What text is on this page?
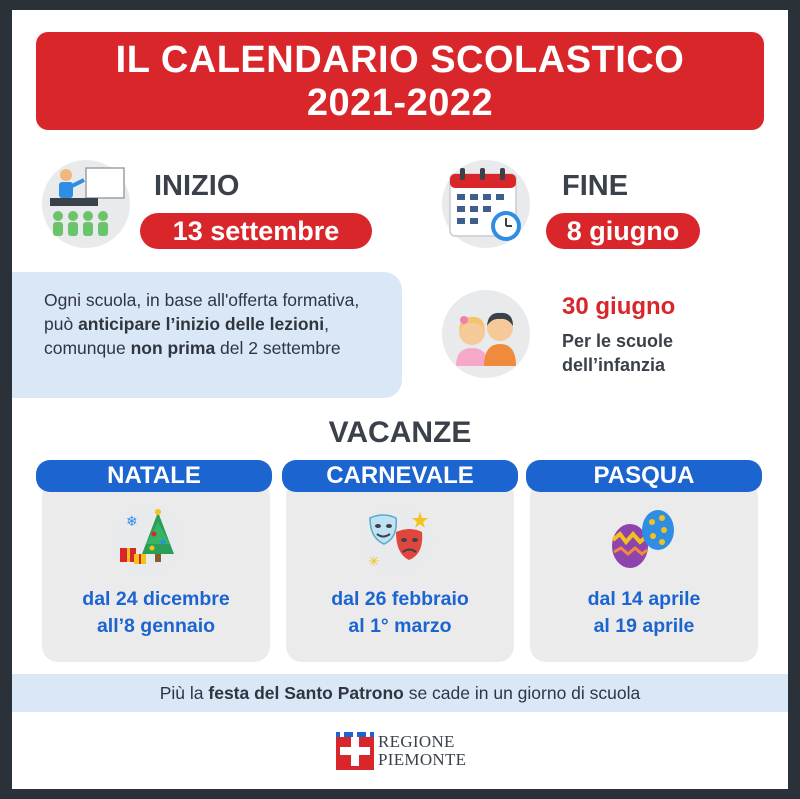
IL CALENDARIO SCOLASTICO
2021-2022
INIZIO
13 settembre
FINE
8 giugno
Ogni scuola, in base all'offerta formativa, può anticipare l’inizio delle lezioni, comunque non prima del 2 settembre
30 giugno
Per le scuole dell’infanzia
VACANZE
NATALE
❄
dal 24 dicembre
all’8 gennaio
CARNEVALE
✳
dal 26 febbraio
al 1° marzo
PASQUA
dal 14 aprile
al 19 aprile
Più la festa del Santo Patrono se cade in un giorno di scuola
REGIONE
PIEMONTE
